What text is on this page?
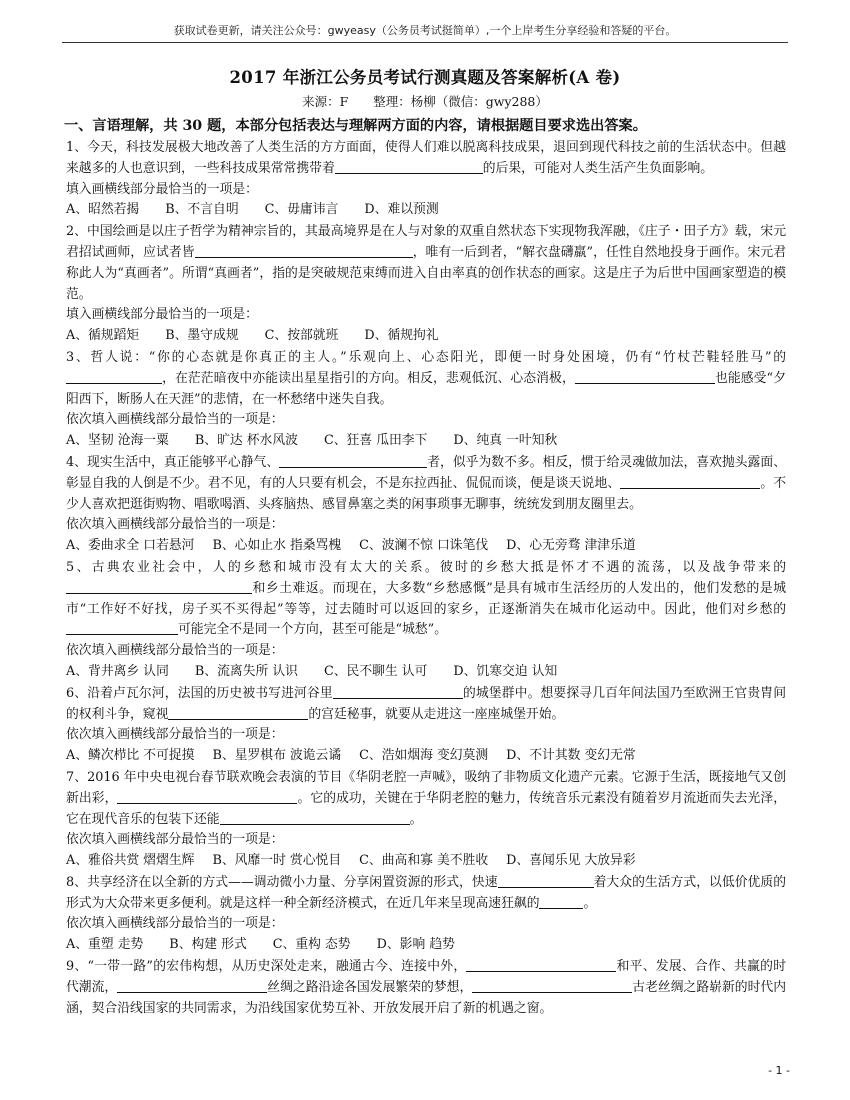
获取试卷更新，请关注公众号：gwyeasy（公务员考试挺简单）,一个上岸考生分享经验和答疑的平台。
2017 年浙江公务员考试行测真题及答案解析(A 卷)
来源：F　　整理：杨柳（微信：gwy288）
一、言语理解，共 30 题，本部分包括表达与理解两方面的内容，请根据题目要求选出答案。

1、今天，科技发展极大地改善了人类生活的方方面面，使得人们难以脱离科技成果，退回到现代科技之前的生活状态中。但越来越多的人也意识到，一些科技成果常常携带着	的后果，可能对人类生活产生负面影响。

填入画横线部分最恰当的一项是：

A、昭然若揭 B、不言自明 C、毋庸讳言 D、难以预测

2、中国绘画是以庄子哲学为精神宗旨的，其最高境界是在人与对象的双重自然状态下实现物我浑融，《庄子・田子方》载，宋元君招试画师，应试者皆	，唯有一后到者，“解衣盘礴羸”，任性自然地投身于画作。宋元君称此人为“真画者”。所谓“真画者”，指的是突破规范束缚而进入自由率真的创作状态的画家。这是庄子为后世中国画家塑造的模范。

填入画横线部分最恰当的一项是：

A、循规蹈矩 B、墨守成规 C、按部就班 D、循规拘礼

3、哲人说：“你的心态就是你真正的主人。”乐观向上、心态阳光，即便一时身处困境，仍有“竹杖芒鞋轻胜马”的，在茫茫暗夜中亦能读出星星指引的方向。相反，悲观低沉、心态消极，	也能感受“夕阳西下，断肠人在天涯”的悲情，在一杯愁绪中迷失自我。

依次填入画横线部分最恰当的一项是：

A、坚韧 沧海一粟 B、旷达 杯水风波 C、狂喜 瓜田李下 D、纯真 一叶知秋

4、现实生活中，真正能够平心静气、	者，似乎为数不多。相反，惯于给灵魂做加法，喜欢抛头露面、彰显自我的人倒是不少。君不见，有的人只要有机会，不是东拉西扯、侃侃而谈，便是谈天说地、	。不少人喜欢把逛街购物、唱歌喝酒、头疼脑热、感冒鼻塞之类的闲事琐事无聊事，统统发到朋友圈里去。

依次填入画横线部分最恰当的一项是：

A、委曲求全 口若悬河 B、心如止水 指桑骂槐 C、波澜不惊 口诛笔伐 D、心无旁骛 津津乐道

5、古典农业社会中，人的乡愁和城市没有太大的关系。彼时的乡愁大抵是怀才不遇的流荡，以及战争带来的和乡土难返。而现在，大多数“乡愁感慨”是具有城市生活经历的人发出的，他们发愁的是城市“工作好不好找，房子买不买得起”等等，过去随时可以返回的家乡，正逐渐消失在城市化运动中。因此，他们对乡愁的可能完全不是同一个方向，甚至可能是“城愁”。

依次填入画横线部分最恰当的一项是：

A、背井离乡 认同 B、流离失所 认识 C、民不聊生 认可 D、饥寒交迫 认知

6、沿着卢瓦尔河，法国的历史被书写进河谷里	的城堡群中。想要探寻几百年间法国乃至欧洲王官贵胄间的权利斗争，窥视	的宫廷秘事，就要从走进这一座座城堡开始。

依次填入画横线部分最恰当的一项是：

A、鳞次栉比 不可捉摸 B、星罗棋布 波诡云谲 C、浩如烟海 变幻莫测 D、不计其数 变幻无常

7、2016 年中央电视台春节联欢晚会表演的节目《华阴老腔一声喊》，吸纳了非物质文化遗产元素。它源于生活，既接地气又创新出彩，	。它的成功，关键在于华阴老腔的魅力，传统音乐元素没有随着岁月流逝而失去光泽，它在现代音乐的包装下还能	。

依次填入画横线部分最恰当的一项是：

A、雅俗共赏 熠熠生辉 B、风靡一时 赏心悦目 C、曲高和寡 美不胜收 D、喜闻乐见 大放异彩

8、共享经济在以全新的方式——调动微小力量、分享闲置资源的形式，快速	着大众的生活方式，以低价优质的形式为大众带来更多便利。就是这样一种全新经济模式，在近几年来呈现高速狂飙的	。

依次填入画横线部分最恰当的一项是：

A、重塑 走势 B、构建 形式 C、重构 态势 D、影响 趋势

9、“一带一路”的宏伟构想，从历史深处走来，融通古今、连接中外，	和平、发展、合作、共赢的时代潮流，	丝绸之路沿途各国发展繁荣的梦想，	古老丝绸之路崭新的时代内涵，契合沿线国家的共同需求，为沿线国家优势互补、开放发展开启了新的机遇之窗。

- 1 -
